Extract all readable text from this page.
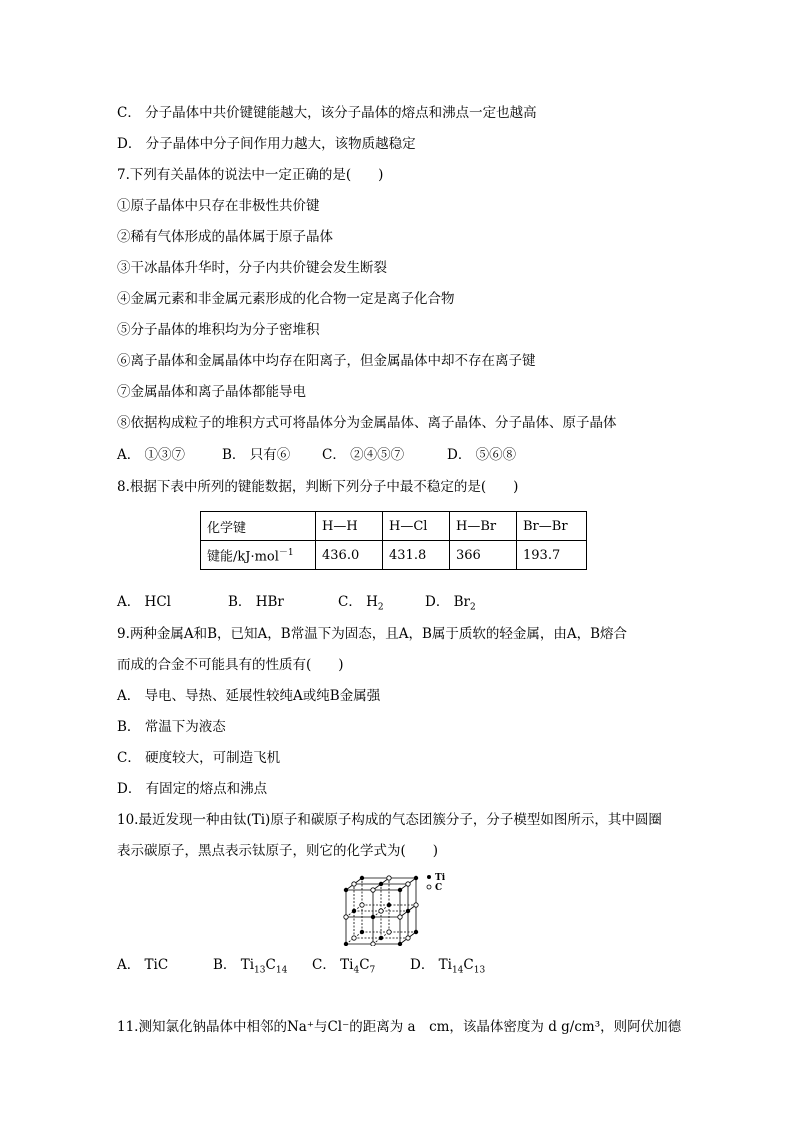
C． 分子晶体中共价键键能越大，该分子晶体的熔点和沸点一定也越高
D． 分子晶体中分子间作用力越大，该物质越稳定
7.下列有关晶体的说法中一定正确的是(　　)
①原子晶体中只存在非极性共价键
②稀有气体形成的晶体属于原子晶体
③干冰晶体升华时，分子内共价键会发生断裂
④金属元素和非金属元素形成的化合物一定是离子化合物
⑤分子晶体的堆积均为分子密堆积
⑥离子晶体和金属晶体中均存在阳离子，但金属晶体中却不存在离子键
⑦金属晶体和离子晶体都能导电
⑧依据构成粒子的堆积方式可将晶体分为金属晶体、离子晶体、分子晶体、原子晶体
A． ①③⑦	B． 只有⑥ C． ②④⑤⑦	D． ⑤⑥⑧
8.根据下表中所列的键能数据，判断下列分子中最不稳定的是(　　)
化学键	H—H	H—Cl	H—Br	Br—Br
键能/kJ·mol$^{-1}$	436.0	431.8	366	193.7
A． HCl	B． HBr	C． $H_2$	D． $Br_2$
9.两种金属A和B，已知A，B常温下为固态，且A，B属于质软的轻金属，由A，B熔合
而成的合金不可能具有的性质有(　　)
A． 导电、导热、延展性较纯A或纯B金属强
B． 常温下为液态
C． 硬度较大，可制造飞机
D． 有固定的熔点和沸点
10.最近发现一种由钛(Ti)原子和碳原子构成的气态团簇分子，分子模型如图所示，其中圆圈
表示碳原子，黑点表示钛原子，则它的化学式为(　　)
Ti
C
A． TiC	B． $Ti_{13}C_{14}$ C． $Ti_4C_7$	D． $Ti_{14}C_{13}$
11.测知氯化钠晶体中相邻的Na⁺与Cl⁻的距离为 a　cm，该晶体密度为 d g/cm³，则阿伏加德
